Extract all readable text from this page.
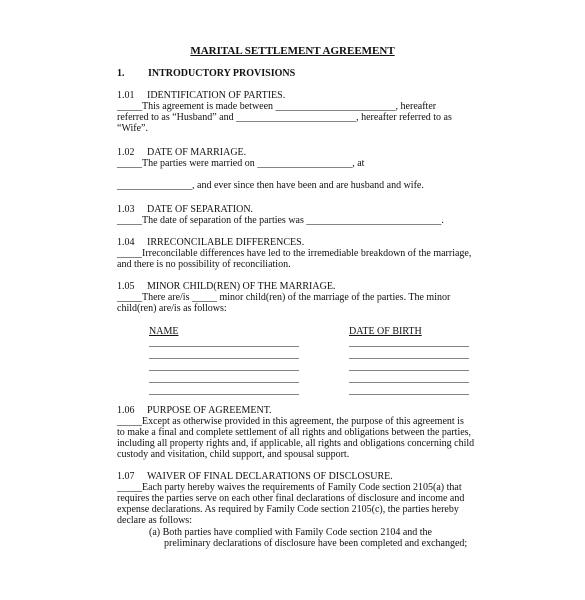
MARITAL SETTLEMENT AGREEMENT
1. INTRODUCTORY PROVISIONS
1.01 IDENTIFICATION OF PARTIES.
_____This agreement is made between ________________________, hereafter
referred to as “Husband” and ________________________, hereafter referred to as
“Wife”.
1.02 DATE OF MARRIAGE.
_____The parties were married on ___________________, at
_______________, and ever since then have been and are husband and wife.
1.03 DATE OF SEPARATION.
_____The date of separation of the parties was ___________________________.
1.04 IRRECONCILABLE DIFFERENCES.
_____Irreconcilable differences have led to the irremediable breakdown of the marriage,
and there is no possibility of reconciliation.
1.05 MINOR CHILD(REN) OF THE MARRIAGE.
_____There are/is _____ minor child(ren) of the marriage of the parties. The minor
child(ren) are/is as follows:
NAME	DATE OF BIRTH
______________________________
______________________________
______________________________
______________________________
______________________________
________________________
________________________
________________________
________________________
________________________
1.06 PURPOSE OF AGREEMENT.
_____Except as otherwise provided in this agreement, the purpose of this agreement is
to make a final and complete settlement of all rights and obligations between the parties,
including all property rights and, if applicable, all rights and obligations concerning child
custody and visitation, child support, and spousal support.
1.07 WAIVER OF FINAL DECLARATIONS OF DISCLOSURE.
_____Each party hereby waives the requirements of Family Code section 2105(a) that
requires the parties serve on each other final declarations of disclosure and income and
expense declarations. As required by Family Code section 2105(c), the parties hereby
declare as follows:
(a) Both parties have complied with Family Code section 2104 and the
preliminary declarations of disclosure have been completed and exchanged;
